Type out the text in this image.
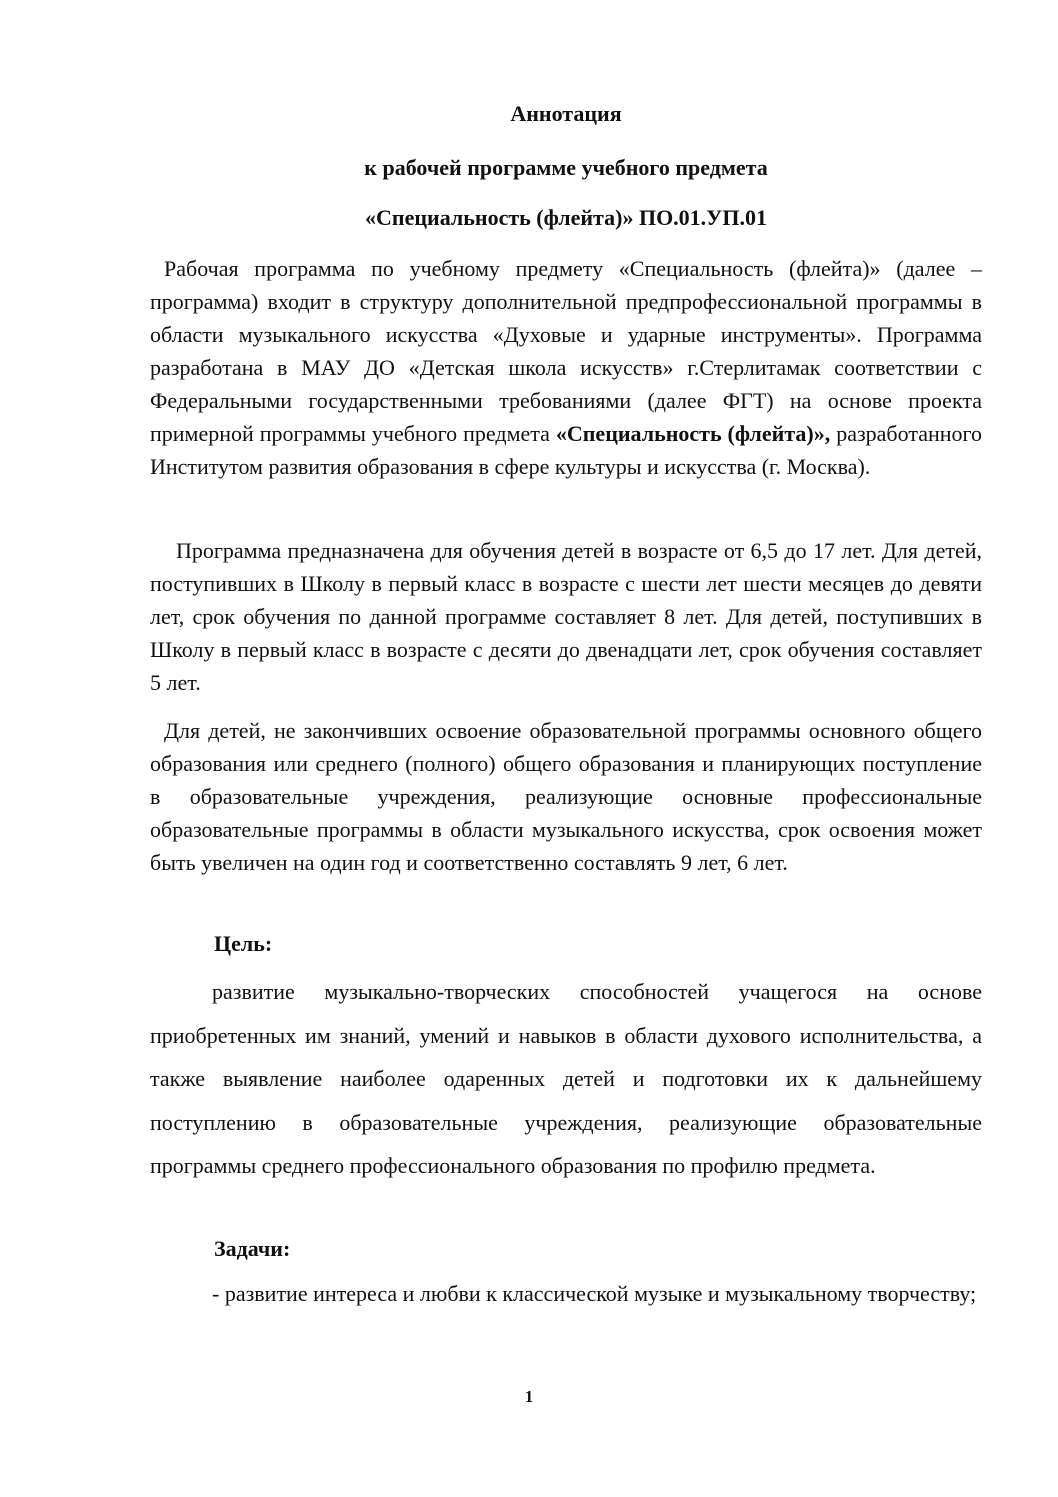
Аннотация
к рабочей программе учебного предмета
«Специальность (флейта)» ПО.01.УП.01

Рабочая программа по учебному предмету «Специальность (флейта)» (далее – программа) входит в структуру дополнительной предпрофессиональной программы в области музыкального искусства «Духовые и ударные инструменты». Программа разработана в МАУ ДО «Детская школа искусств» г.Стерлитамак соответствии с Федеральными государственными требованиями (далее ФГТ) на основе проекта примерной программы учебного предмета «Специальность (флейта)», разработанного Институтом развития образования в сфере культуры и искусства (г. Москва).

Программа предназначена для обучения детей в возрасте от 6,5 до 17 лет. Для детей, поступивших в Школу в первый класс в возрасте с шести лет шести месяцев до девяти лет, срок обучения по данной программе составляет 8 лет. Для детей, поступивших в Школу в первый класс в возрасте с десяти до двенадцати лет, срок обучения составляет 5 лет.

Для детей, не закончивших освоение образовательной программы основного общего образования или среднего (полного) общего образования и планирующих поступление в образовательные учреждения, реализующие основные профессиональные образовательные программы в области музыкального искусства, срок освоения может быть увеличен на один год и соответственно составлять 9 лет, 6 лет.

Цель:

развитие музыкально-творческих способностей учащегося на основе приобретенных им знаний, умений и навыков в области духового исполнительства, а также выявление наиболее одаренных детей и подготовки их к дальнейшему поступлению в образовательные учреждения, реализующие образовательные программы среднего профессионального образования по профилю предмета.

Задачи:

- развитие интереса и любви к классической музыке и музыкальному творчеству;

1
